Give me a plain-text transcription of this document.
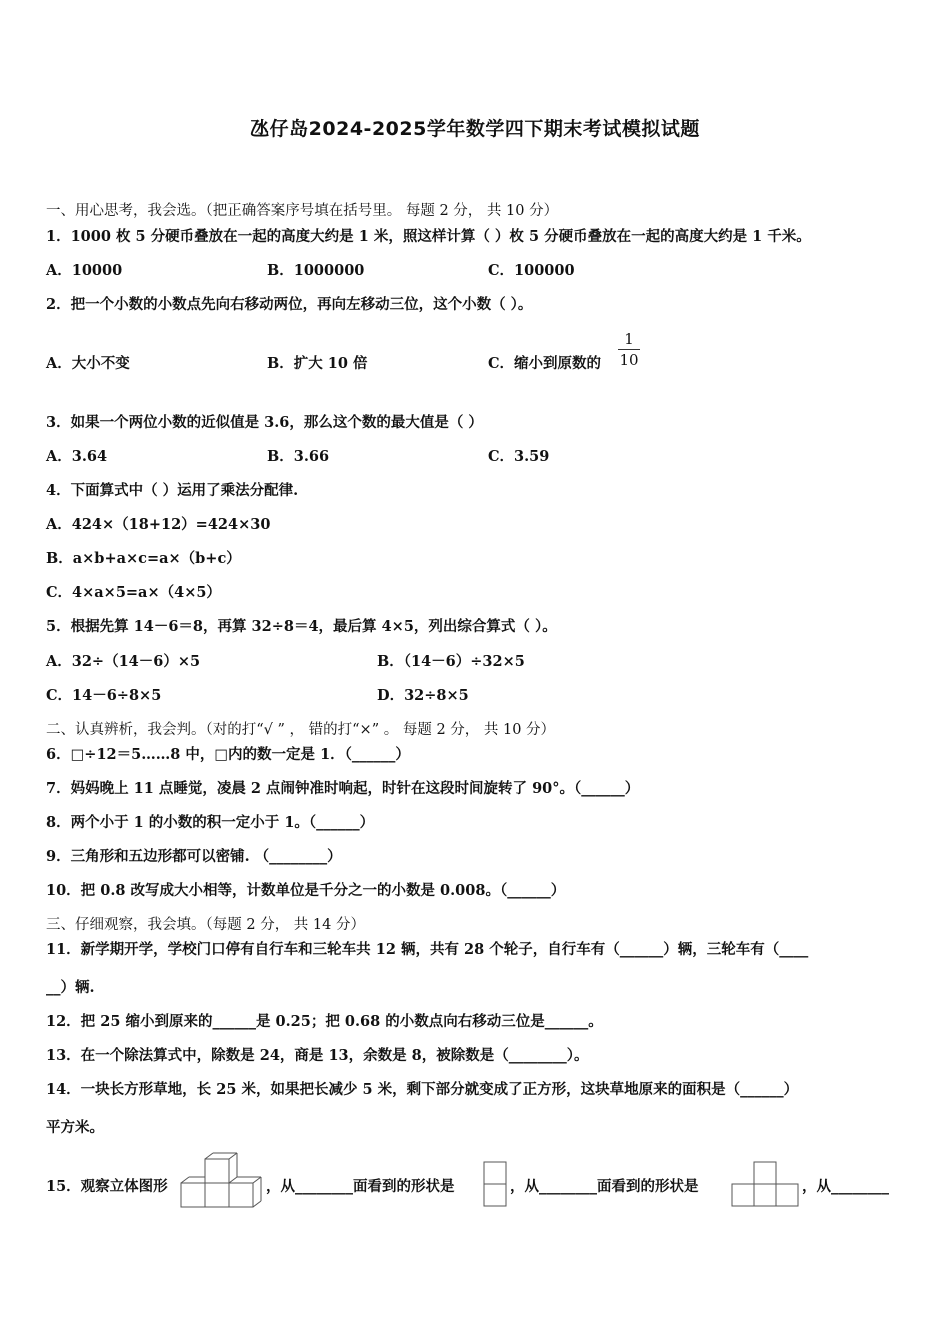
氹仔岛2024-2025学年数学四下期末考试模拟试题
一、用心思考，我会选。（把正确答案序号填在括号里。 每题 2 分， 共 10 分）
1．1000 枚 5 分硬币叠放在一起的高度大约是 1 米，照这样计算（ ）枚 5 分硬币叠放在一起的高度大约是 1 千米。
A．10000	B．1000000	C．100000
2．把一个小数的小数点先向右移动两位，再向左移动三位，这个小数（ ）。
A．大小不变	B．扩大 10 倍	C．缩小到原数的
1
10
3．如果一个两位小数的近似值是 3.6，那么这个数的最大值是（ ）
A．3.64	B．3.66	C．3.59
4．下面算式中（ ）运用了乘法分配律.
A．424×（18+12）=424×30
B．a×b+a×c=a×（b+c）
C．4×a×5=a×（4×5）
5．根据先算 14－6＝8，再算 32÷8＝4，最后算 4×5，列出综合算式（ ）。
A．32÷（14－6）×5	B．（14－6）÷32×5
C．14－6÷8×5	D．32÷8×5
二、认真辨析，我会判。（对的打“√ ” ， 错的打“×” 。 每题 2 分， 共 10 分）
6．□÷12＝5……8 中，□内的数一定是 1．（______）
7．妈妈晚上 11 点睡觉，凌晨 2 点闹钟准时响起，时针在这段时间旋转了 90°。（______）
8．两个小于 1 的小数的积一定小于 1。（______）
9．三角形和五边形都可以密铺. （________）
10．把 0.8 改写成大小相等，计数单位是千分之一的小数是 0.008。（______）
三、仔细观察，我会填。（每题 2 分， 共 14 分）
11．新学期开学，学校门口停有自行车和三轮车共 12 辆，共有 28 个轮子，自行车有（______）辆，三轮车有（____
__）辆.
12．把 25 缩小到原来的______是 0.25；把 0.68 的小数点向右移动三位是______。
13．在一个除法算式中，除数是 24，商是 13，余数是 8，被除数是（________）。
14．一块长方形草地，长 25 米，如果把长减少 5 米，剩下部分就变成了正方形，这块草地原来的面积是（______）
平方米。
15．观察立体图形	，从________面看到的形状是	，从________面看到的形状是	，从________
